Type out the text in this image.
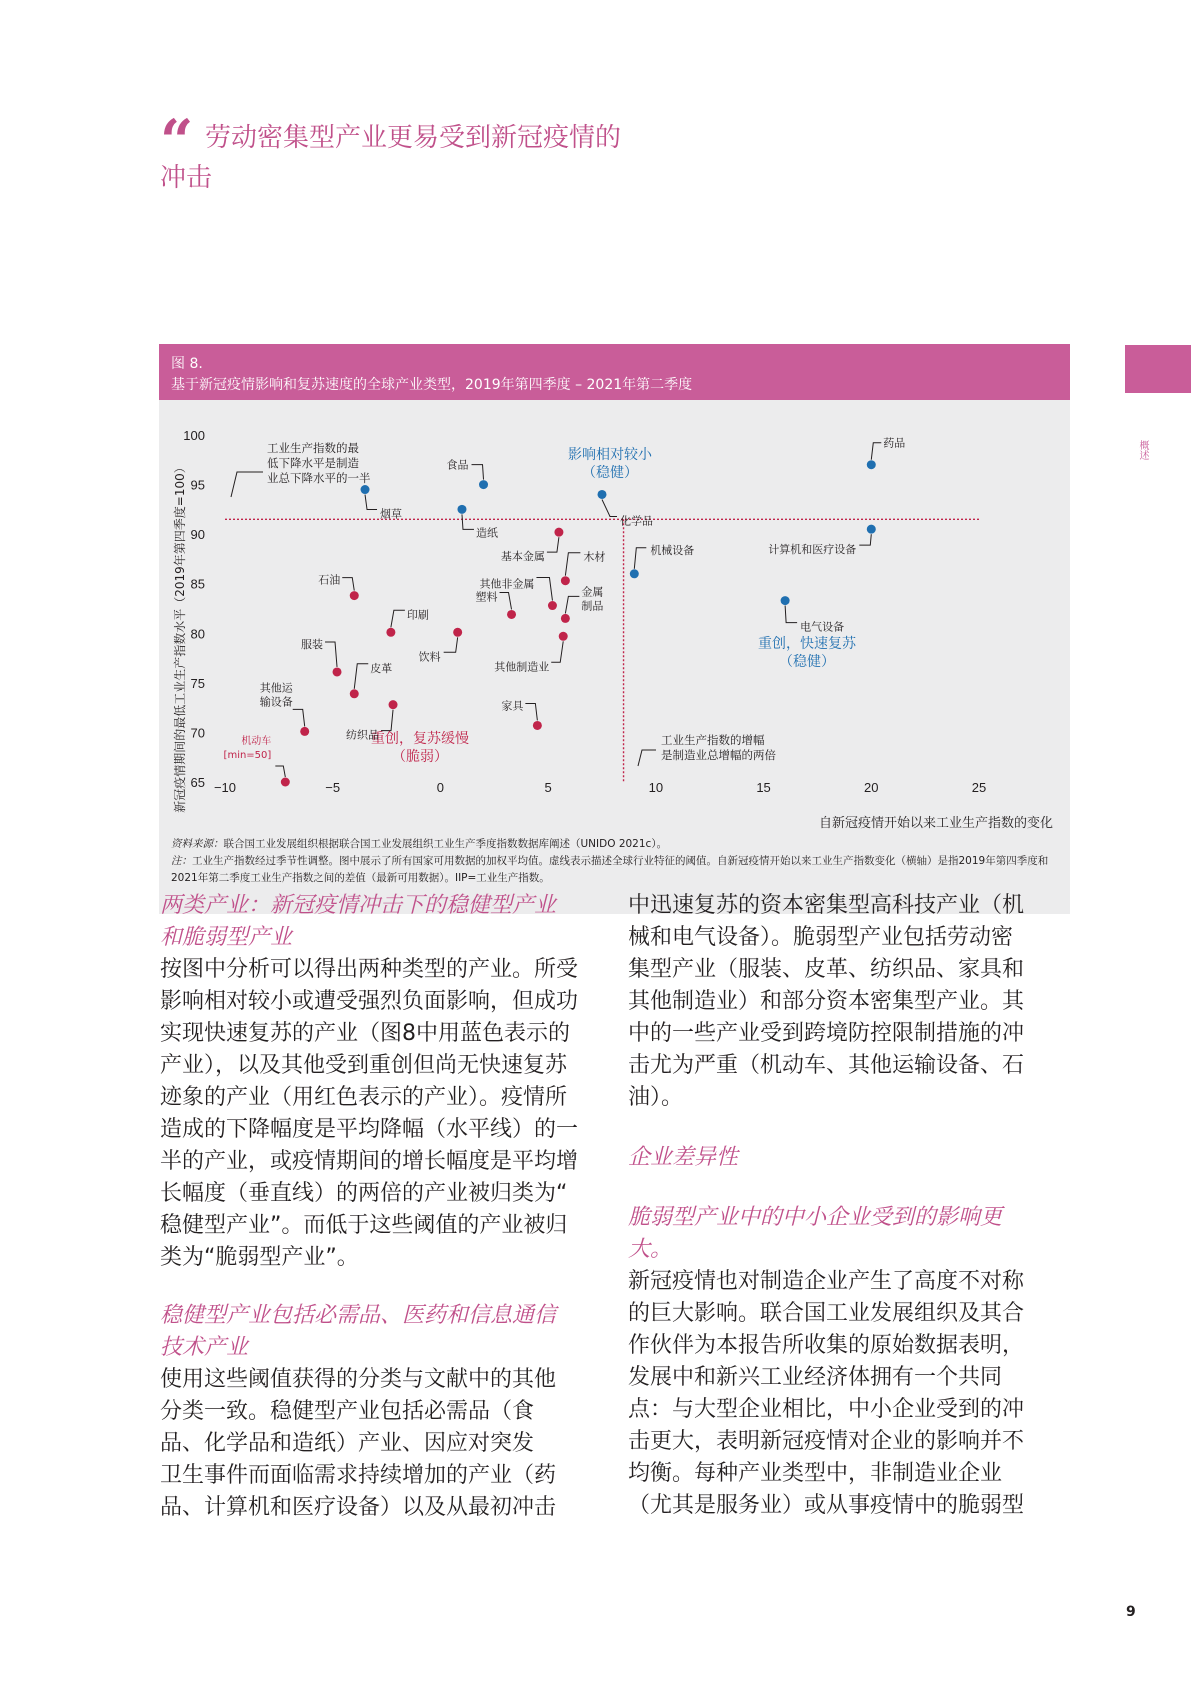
“ 劳动密集型产业更易受到新冠疫情的
冲击
概述
图 8.
基于新冠疫情影响和复苏速度的全球产业类型，2019年第四季度 – 2021年第二季度
新冠疫情期间的最低工业生产指数水平（2019年第四季度=100）
自新冠疫情开始以来工业生产指数的变化
工业生产指数的最
低下降水平是制造
业总下降水平的一半
工业生产指数的增幅
是制造业总增幅的两倍
影响相对较小
（稳健）
重创，快速复苏
（稳健）
重创，复苏缓慢
（脆弱）
100
95
90
85
80
75
70
65 −10	−5	0	5	10	15	20	25
药品
食品
烟草
化学品
造纸
计算机和医疗设备
机械设备
电气设备
基本金属	木材
石油	其他非金属
金属
制品
塑料
印刷
饮料
其他制造业
服装
皮革
纺织品
家具
其他运
输设备
机动车
[min=50]
资料来源：联合国工业发展组织根据联合国工业发展组织工业生产季度指数数据库阐述（UNIDO 2021c）。
注：工业生产指数经过季节性调整。图中展示了所有国家可用数据的加权平均值。虚线表示描述全球行业特征的阈值。自新冠疫情开始以来工业生产指数变化（横轴）是指2019年第四季度和2021年第二季度工业生产指数之间的差值（最新可用数据）。IIP=工业生产指数。

两类产业：新冠疫情冲击下的稳健型产业

和脆弱型产业

按图中分析可以得出两种类型的产业。所受

影响相对较小或遭受强烈负面影响，但成功

实现快速复苏的产业（图8中用蓝色表示的

产业），以及其他受到重创但尚无快速复苏

迹象的产业（用红色表示的产业）。疫情所

造成的下降幅度是平均降幅（水平线）的一

半的产业，或疫情期间的增长幅度是平均增

长幅度（垂直线）的两倍的产业被归类为“

稳健型产业”。而低于这些阈值的产业被归

类为“脆弱型产业”。

稳健型产业包括必需品、医药和信息通信

技术产业

使用这些阈值获得的分类与文献中的其他

分类一致。稳健型产业包括必需品（食

品、化学品和造纸）产业、因应对突发

卫生事件而面临需求持续增加的产业（药

品、计算机和医疗设备）以及从最初冲击

中迅速复苏的资本密集型高科技产业（机

械和电气设备）。脆弱型产业包括劳动密

集型产业（服装、皮革、纺织品、家具和

其他制造业）和部分资本密集型产业。其

中的一些产业受到跨境防控限制措施的冲

击尤为严重（机动车、其他运输设备、石

油）。

企业差异性

脆弱型产业中的中小企业受到的影响更

大。

新冠疫情也对制造企业产生了高度不对称

的巨大影响。联合国工业发展组织及其合

作伙伴为本报告所收集的原始数据表明，

发展中和新兴工业经济体拥有一个共同

点：与大型企业相比，中小企业受到的冲

击更大，表明新冠疫情对企业的影响并不

均衡。每种产业类型中，非制造业企业

（尤其是服务业）或从事疫情中的脆弱型

9
